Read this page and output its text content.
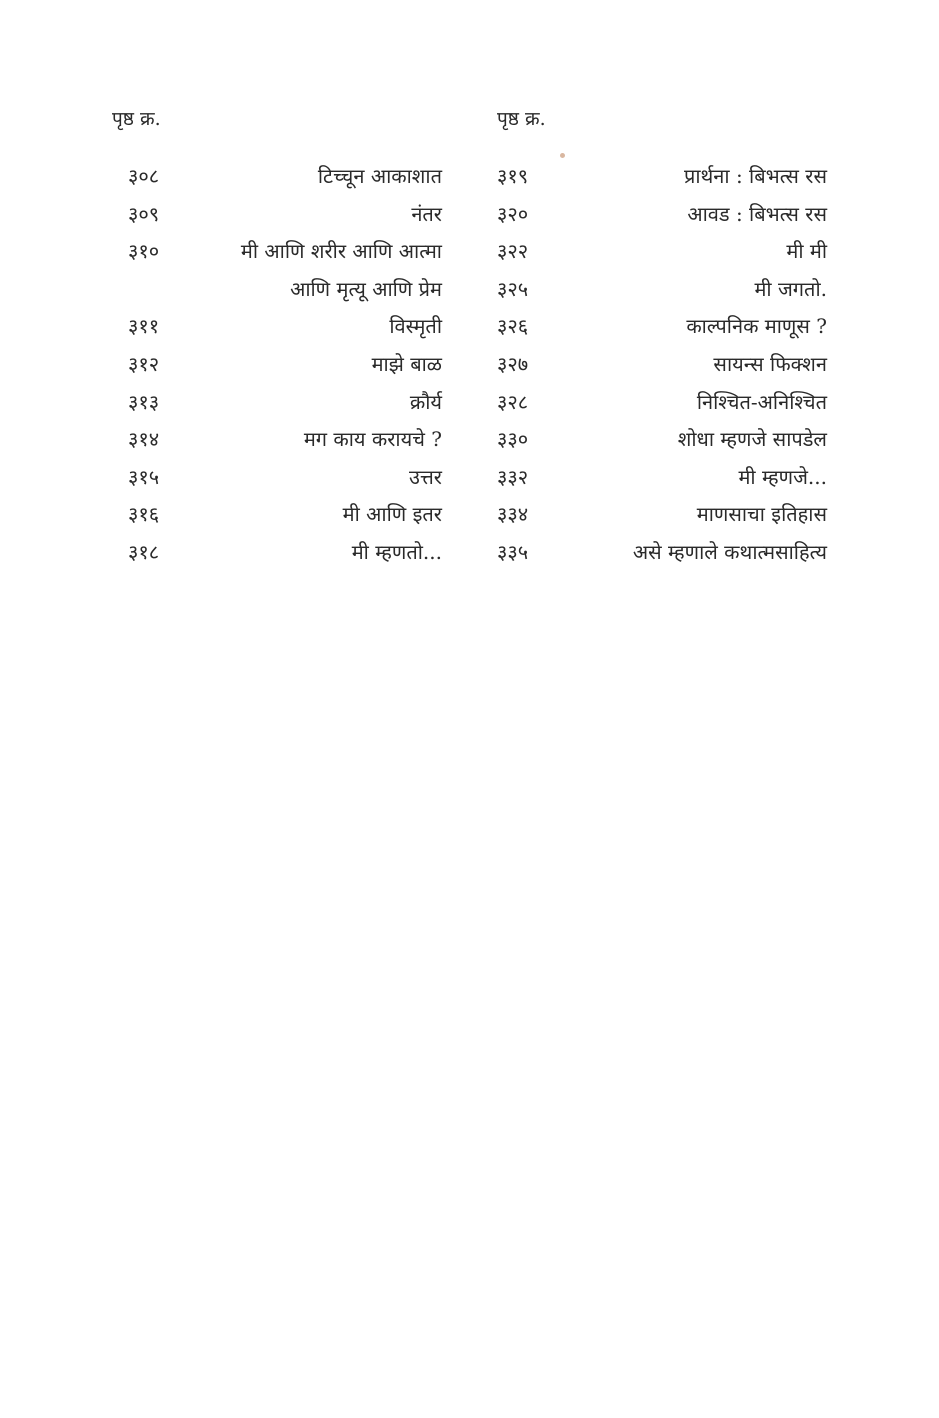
पृष्ठ क्र.
३०८	टिच्चून आकाशात
३०९	नंतर
३१०	मी आणि शरीर आणि आत्मा
आणि मृत्यू आणि प्रेम
३११	विस्मृती
३१२	माझे बाळ
३१३	क्रौर्य
३१४	मग काय करायचे ?
३१५	उत्तर
३१६	मी आणि इतर
३१८	मी म्हणतो...
पृष्ठ क्र.
३१९	प्रार्थना : बिभत्स रस
३२०	आवड : बिभत्स रस
३२२	मी मी
३२५	मी जगतो.
३२६	काल्पनिक माणूस ?
३२७	सायन्स फिक्शन
३२८	निश्चित-अनिश्चित
३३०	शोधा म्हणजे सापडेल
३३२	मी म्हणजे...
३३४	माणसाचा इतिहास
३३५	असे म्हणाले कथात्मसाहित्य
